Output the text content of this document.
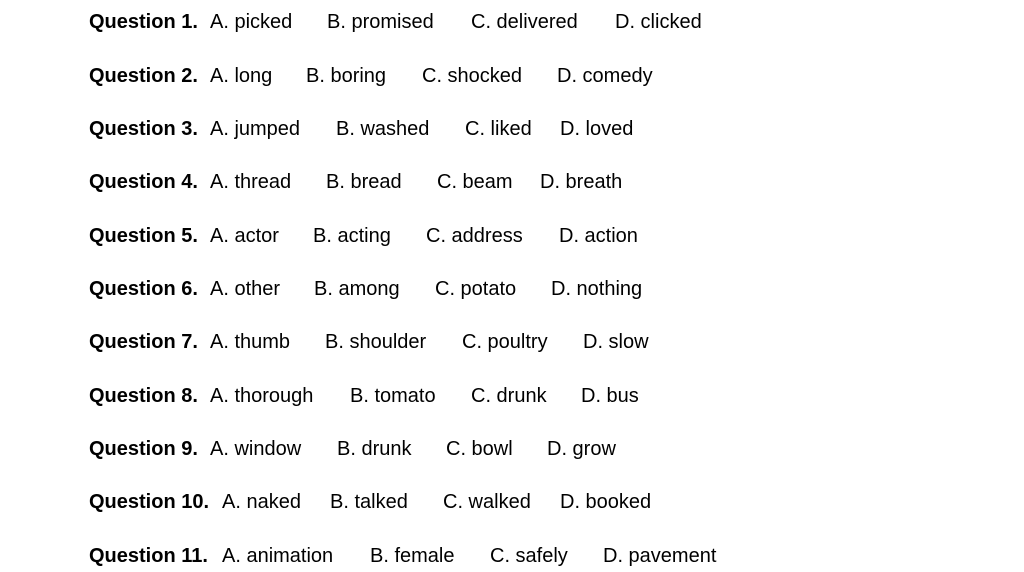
Question 1. A. picked B. promised C. delivered D. clicked
Question 2. A. long B. boring C. shocked D. comedy
Question 3. A. jumped B. washed C. liked D. loved
Question 4. A. thread B. bread C. beam D. breath
Question 5. A. actor B. acting C. address D. action
Question 6. A. other B. among C. potato D. nothing
Question 7. A. thumb B. shoulder C. poultry D. slow
Question 8. A. thorough B. tomato C. drunk D. bus
Question 9. A. window B. drunk C. bowl D. grow
Question 10. A. naked B. talked C. walked D. booked
Question 11. A. animation B. female C. safely D. pavement
